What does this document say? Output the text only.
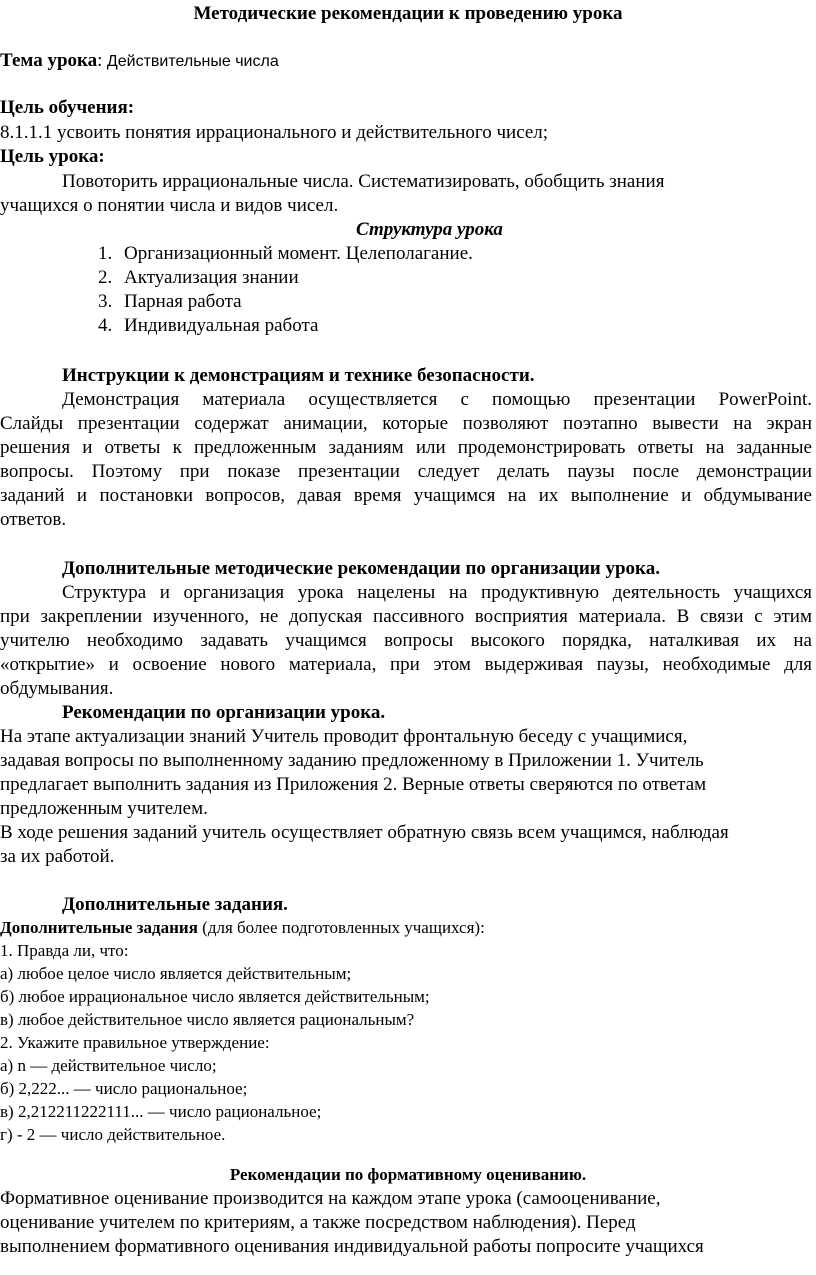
Методические рекомендации к проведению урока
Тема урока: Действительные числа
Цель обучения:
8.1.1.1 усвоить понятия иррационального и действительного чисел;
Цель урока:
Повоторить иррациональные числа. Систематизировать, обобщить знания
учащихся о понятии числа и видов чисел.
Структура урока
1. Организационный момент. Целеполагание.
2. Актуализация знании
3. Парная работа
4. Индивидуальная работа
Инструкции к демонстрациям и технике безопасности.
Демонстрация материала осуществляется с помощью презентации PowerPoint.
Слайды презентации содержат анимации, которые позволяют поэтапно вывести на экран
решения и ответы к предложенным заданиям или продемонстрировать ответы на заданные
вопросы. Поэтому при показе презентации следует делать паузы после демонстрации
заданий и постановки вопросов, давая время учащимся на их выполнение и обдумывание
ответов.
Дополнительные методические рекомендации по организации урока.
Структура и организация урока нацелены на продуктивную деятельность учащихся
при закреплении изученного, не допуская пассивного восприятия материала. В связи с этим
учителю необходимо задавать учащимся вопросы высокого порядка, наталкивая их на
«открытие» и освоение нового материала, при этом выдерживая паузы, необходимые для
обдумывания.
Рекомендации по организации урока.
На этапе актуализации знаний Учитель проводит фронтальную беседу с учащимися,
задавая вопросы по выполненному заданию предложенному в Приложении 1. Учитель
предлагает выполнить задания из Приложения 2. Верные ответы сверяются по ответам
предложенным учителем.
В ходе решения заданий учитель осуществляет обратную связь всем учащимся, наблюдая
за их работой.
Дополнительные задания.
Дополнительные задания (для более подготовленных учащихся):
1. Правда ли, что:
а) любое целое число является действительным;
б) любое иррациональное число является действительным;
в) любое действительное число является рациональным?
2. Укажите правильное утверждение:
а) n — действительное число;
б) 2,222... — число рациональное;
в) 2,212211222111... — число рациональное;
г) - 2 — число действительное.
Рекомендации по формативному оцениванию.
Формативное оценивание производится на каждом этапе урока (самооценивание,
оценивание учителем по критериям, а также посредством наблюдения). Перед
выполнением формативного оценивания индивидуальной работы попросите учащихся
